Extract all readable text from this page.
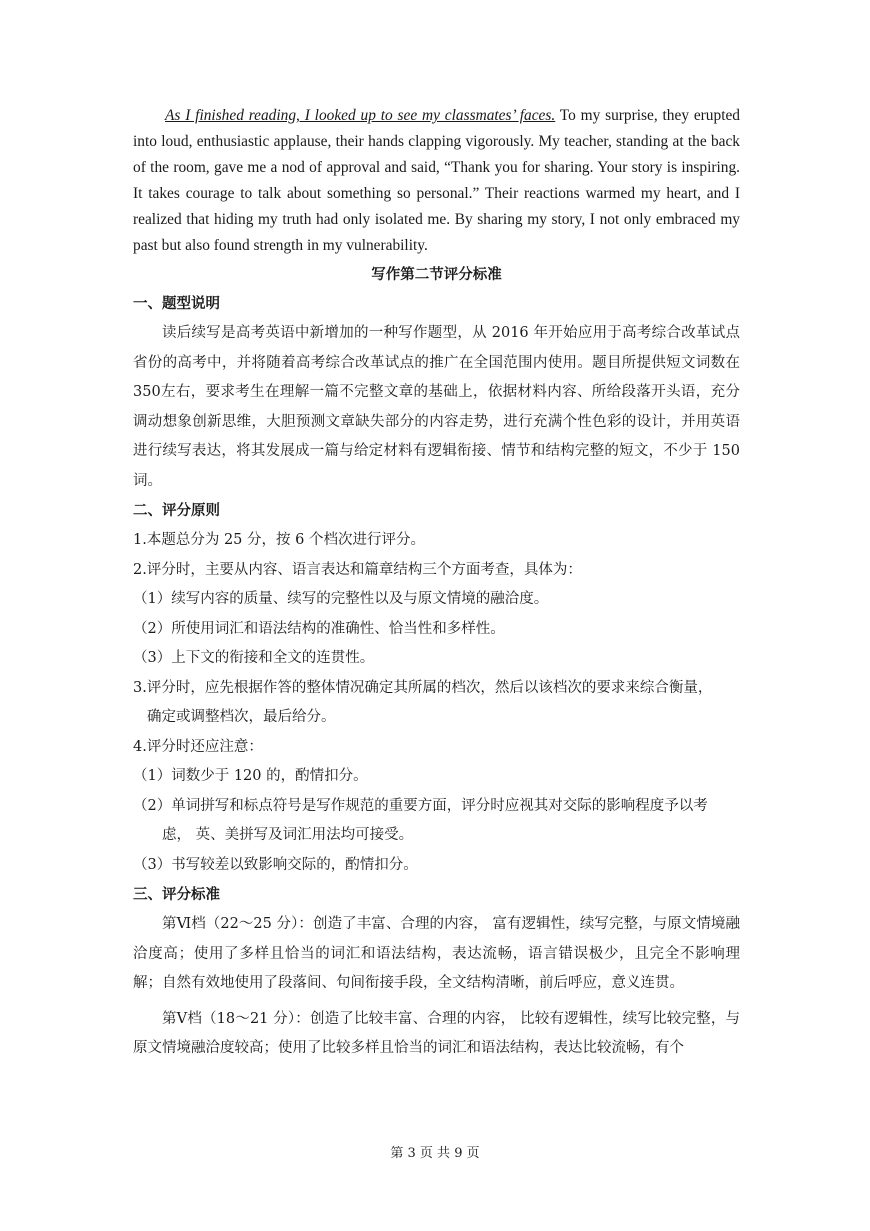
As I finished reading, I looked up to see my classmates’ faces. To my surprise, they erupted into loud, enthusiastic applause, their hands clapping vigorously. My teacher, standing at the back of the room, gave me a nod of approval and said, “Thank you for sharing. Your story is inspiring. It takes courage to talk about something so personal.” Their reactions warmed my heart, and I realized that hiding my truth had only isolated me. By sharing my story, I not only embraced my past but also found strength in my vulnerability.

写作第二节评分标准
一、题型说明

读后续写是高考英语中新增加的一种写作题型，从 2016 年开始应用于高考综合改革试点省份的高考中，并将随着高考综合改革试点的推广在全国范围内使用。题目所提供短文词数在350左右，要求考生在理解一篇不完整文章的基础上，依据材料内容、所给段落开头语，充分调动想象创新思维，大胆预测文章缺失部分的内容走势，进行充满个性色彩的设计，并用英语进行续写表达，将其发展成一篇与给定材料有逻辑衔接、情节和结构完整的短文，不少于 150 词。

二、评分原则
1.本题总分为 25 分，按 6 个档次进行评分。
2.评分时，主要从内容、语言表达和篇章结构三个方面考查，具体为：
（1）续写内容的质量、续写的完整性以及与原文情境的融洽度。
（2）所使用词汇和语法结构的准确性、恰当性和多样性。
（3）上下文的衔接和全文的连贯性。
3.评分时，应先根据作答的整体情况确定其所属的档次，然后以该档次的要求来综合衡量，
确定或调整档次，最后给分。
4.评分时还应注意：
（1）词数少于 120 的，酌情扣分。
（2）单词拼写和标点符号是写作规范的重要方面，评分时应视其对交际的影响程度予以考
虑， 英、美拼写及词汇用法均可接受。
（3）书写较差以致影响交际的，酌情扣分。
三、评分标准

第Ⅵ档（22～25 分）：创造了丰富、合理的内容， 富有逻辑性，续写完整，与原文情境融洽度高；使用了多样且恰当的词汇和语法结构，表达流畅，语言错误极少，且完全不影响理解；自然有效地使用了段落间、句间衔接手段，全文结构清晰，前后呼应，意义连贯。

第Ⅴ档（18～21 分）：创造了比较丰富、合理的内容， 比较有逻辑性，续写比较完整，与原文情境融洽度较高；使用了比较多样且恰当的词汇和语法结构，表达比较流畅，有个

第 3 页 共 9 页
